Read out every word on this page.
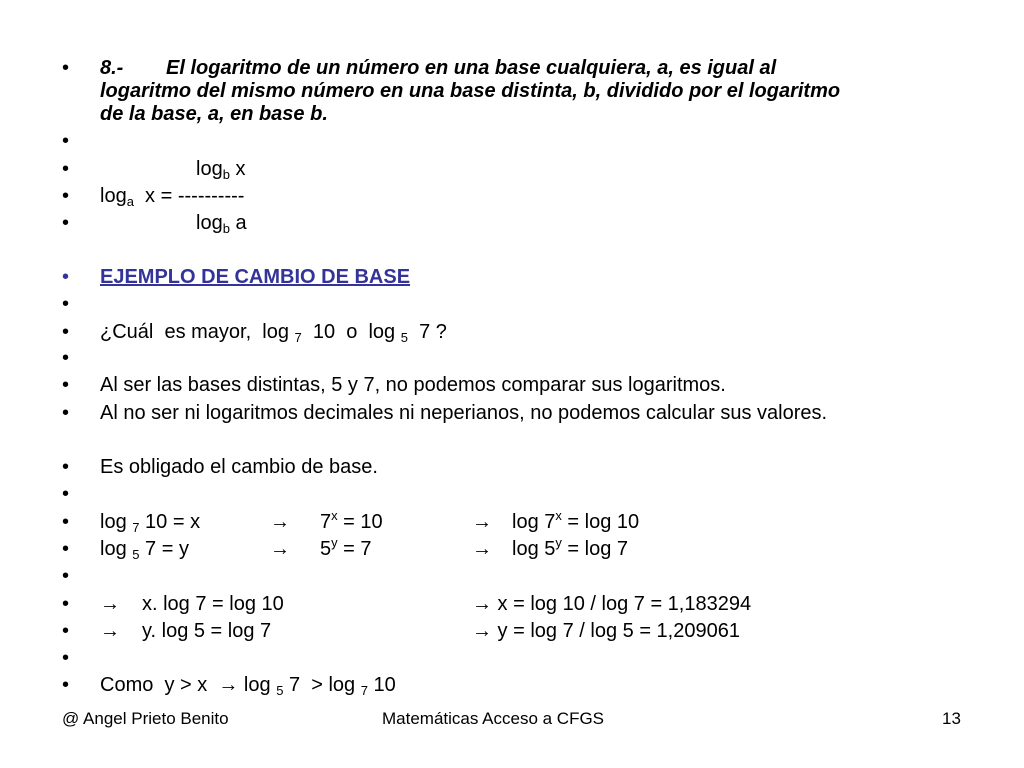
• 8.- El logaritmo de un número en una base cualquiera, a, es igual al
logaritmo del mismo número en una base distinta, b, dividido por el logaritmo
de la base, a, en base b.
•
•	$\log_b x$
• $\log_a x$ = ----------
•	$\log_b a$
• EJEMPLO DE CAMBIO DE BASE
•
• ¿Cuál  es mayor,  log $_7$  10  o  log $_5$  7 ?
•
• Al ser las bases distintas, 5 y 7, no podemos comparar sus logaritmos.
• Al no ser ni logaritmos decimales ni neperianos, no podemos calcular sus valores.
• Es obligado el cambio de base.
•
• log $_7$ 10 = x	→ $7^x = 10$	→ $\log 7^x = \log 10$
• log $_5$ 7 = y	→ $5^y = 7$	→ $\log 5^y = \log 7$
•
• → x. log 7 = log 10	→ x = log 10 / log 7 = 1,183294
• → y. log 5 = log 7	→ y = log 7 / log 5 = 1,209061
•
• Como  y > x  → log $_5$ 7  > log $_7$ 10
@ Angel Prieto Benito	Matemáticas Acceso a CFGS	13
